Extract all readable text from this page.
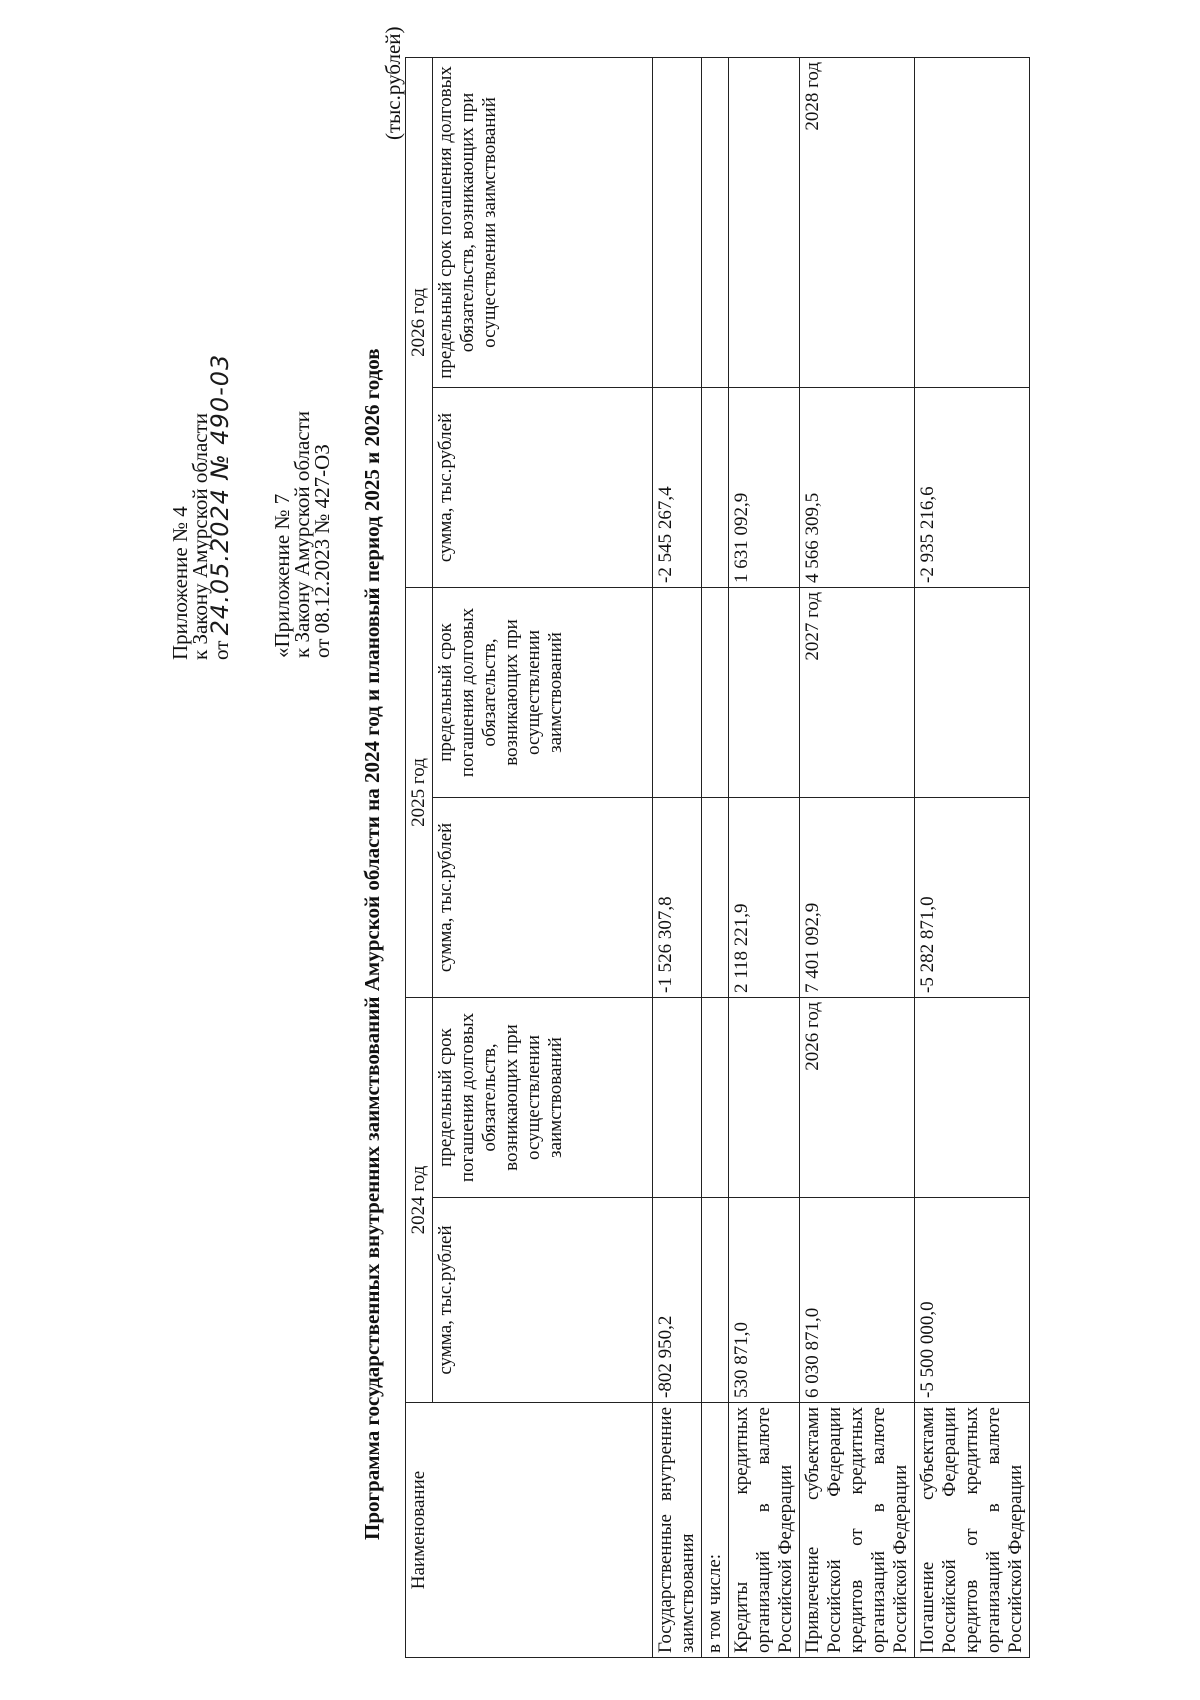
Приложение № 4
к Закону Амурской области
от 24.05.2024 № 490-03 «Приложение № 7
к Закону Амурской области
от 08.12.2023 № 427-ОЗ Программа государственных внутренних заимствований Амурской области на 2024 год и плановый период 2025 и 2026 годов
(тыс.рублей)
Наименование	2024 год		2025 год		2026 год	
	сумма, тыс.рублей	предельный срок погашения долговых обязательств, возникающих при осуществлении заимствований	сумма, тыс.рублей	предельный срок погашения долговых обязательств, возникающих при осуществлении заимствований	сумма, тыс.рублей	предельный срок погашения долговых обязательств, возникающих при осуществлении заимствований
Государственные внутренние заимствования	-802 950,2		-1 526 307,8		-2 545 267,4	
в том числе:						
Кредиты кредитных организаций в валюте Российской Федерации	530 871,0		2 118 221,9		1 631 092,9	
Привлечение субъектами Российской Федерации кредитов от кредитных организаций в валюте Российской Федерации	6 030 871,0	2026 год	7 401 092,9	2027 год	4 566 309,5	2028 год
Погашение субъектами Российской Федерации кредитов от кредитных организаций в валюте Российской Федерации	-5 500 000,0		-5 282 871,0		-2 935 216,6	
